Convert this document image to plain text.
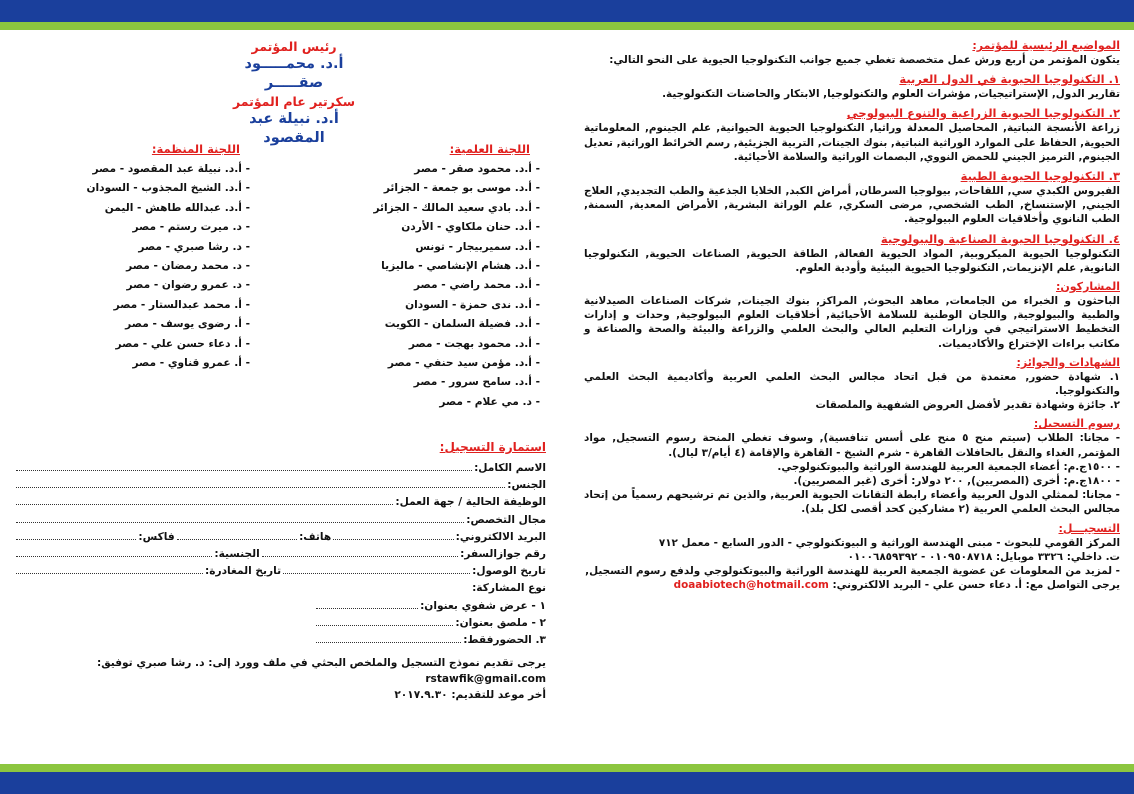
المواضيع الرئيسية للمؤتمر:
يتكون المؤتمر من أربع ورش عمل متخصصة تغطي جميع جوانب التكنولوجيا الحيوية على النحو التالي:
١. التكنولوجيا الحيوية في الدول العربية
تقارير الدول, الإستراتيجيات, مؤشرات العلوم والتكنولوجيا, الابتكار والحاضنات التكنولوجية.
٢. التكنولوجيا الحيوية الزراعية والتنوع البيولوجي
زراعة الأنسجة النباتية, المحاصيل المعدلة وراثيا, التكنولوجيا الحيوية الحيوانية, علم الجينوم, المعلوماتية الحيوية, الحفاظ على الموارد الوراثية النباتية, بنوك الجينات, التربية الجزيئية, رسم الخرائط الوراثية, تعديل الجينوم, الترميز الجيني للحمض النووي, البصمات الوراثية والسلامة الأحيائية.
٣. التكنولوجيا الحيوية الطبية
الفيروس الكبدي سي, اللقاحات, بيولوجيا السرطان, أمراض الكبد, الخلايا الجذعية والطب التجديدي, العلاج الجيني, الإستنساخ, الطب الشخصي, مرضى السكري, علم الوراثة البشرية, الأمراض المعدية, السمنة, الطب النانوي وأخلاقيات العلوم البيولوجية.
٤. التكنولوجيا الحيوية الصناعية والبيولوجية
التكنولوجيا الحيوية الميكروبية, المواد الحيوية الفعالة, الطاقة الحيوية, الصناعات الحيوية, التكنولوجيا النانوية, علم الإنزيمات, التكنولوجيا الحيوية البيئية وأودية العلوم.
المشاركون:
الباحثون و الخبراء من الجامعات, معاهد البحوث, المراكز, بنوك الجينات, شركات الصناعات الصيدلانية والطبية والبيولوجية, واللجان الوطنية للسلامة الأحيائية, أخلاقيات العلوم البيولوجية, وحدات و إدارات التخطيط الاستراتيجي في وزارات التعليم العالي والبحث العلمي والزراعة والبيئة والصحة والصناعة و مكاتب براءات الإختراع والأكاديميات.
الشهادات والجوائز:
١. شهادة حضور, معتمدة من قبل اتحاد مجالس البحث العلمي العربية وأكاديمية البحث العلمي والتكنولوجيا.
٢. جائزة وشهادة تقدير لأفضل العروض الشفهية والملصقات
رسوم التسجيل:
- مجانا: الطلاب (سيتم منح ٥ منح على أسس تنافسية), وسوف تغطي المنحة رسوم التسجيل, مواد المؤتمر, الغداء والنقل بالحافلات القاهرة - شرم الشيخ - القاهرة والإقامة (٤ أيام/٣ ليال).
- ١٥٠٠ج.م: أعضاء الجمعية العربية للهندسة الوراثية والبيوتكنولوجي.
- ١٨٠٠ج.م: أخرى (المصريين), ٢٠٠ دولار: أخرى (غير المصريين).
- مجانا: لممثلي الدول العربية وأعضاء رابطة التقانات الحيوية العربية, والذين تم ترشيحهم رسمياً من إتحاد مجالس البحث العلمي العربية (٢ مشاركين كحد أقصى لكل بلد).
التسجيـــل:
المركز القومي للبحوث - مبنى الهندسة الوراثية و البيوتكنولوجي - الدور السابع - معمل ٧١٢
ت. داخلي: ٣٣٢٦ موبايل: ٠١٠٩٥٠٨٧١٨ - ٠١٠٠٦٨٥٩٣٩٢
- لمزيد من المعلومات عن عضوية الجمعية العربية للهندسة الوراثية والبيوتكنولوجي ولدفع رسوم التسجيل,
يرجى التواصل مع: أ. دعاء حسن علي - البريد الالكتروني: doaabiotech@hotmail.com
رئيس المؤتمر
أ.د. محمـــــود صقـــــر
سكرتير عام المؤتمر
أ.د. نبيلة عبد المقصود
اللجنة العلمية:
- أ.د. محمود صقر - مصر
- أ.د. موسى بو جمعة - الجزائر
- أ.د. بادي سعيد المالك - الجزائر
- أ.د. حنان ملكاوي - الأردن
- أ.د. سميربيجار - تونس
- أ.د. هشام الإنشاصي - ماليزيا
- أ.د. محمد راضي - مصر
- أ.د. ندى حمزة - السودان
- أ.د. فضيلة السلمان - الكويت
- أ.د. محمود بهجت - مصر
- أ.د. مؤمن سيد حنفي - مصر
- أ.د. سامح سرور - مصر
- د. مي علام - مصر
اللجنة المنظمة:
- أ.د. نبيلة عبد المقصود - مصر
- أ.د. الشيخ المجذوب - السودان
- أ.د. عبدالله طاهش - اليمن
- د. ميرت رستم - مصر
- د. رشا صبري - مصر
- د. محمد رمضان - مصر
- د. عمرو رضوان - مصر
- أ. محمد عبدالستار - مصر
- أ. رضوى يوسف - مصر
- أ. دعاء حسن علي - مصر
- أ. عمرو قناوي - مصر
استمارة التسجيل:
الاسم الكامل:
الجنس:
الوظيفة الحالية / جهة العمل:
مجال التخصص:
البريد الالكتروني:
هاتف:
فاكس:
رقم جوازالسفر:
الجنسية:
تاريخ الوصول:
تاريخ المغادرة:
نوع المشاركة:
١ - عرض شفوي بعنوان:
٢ - ملصق بعنوان:
٣. الحضورفقط:
يرجى تقديم نموذج التسجيل والملخص البحثي في ملف وورد إلى: د. رشا صبري توفيق: rstawfik@gmail.com
أخر موعد للتقديم: ٢٠١٧.٩.٣٠
